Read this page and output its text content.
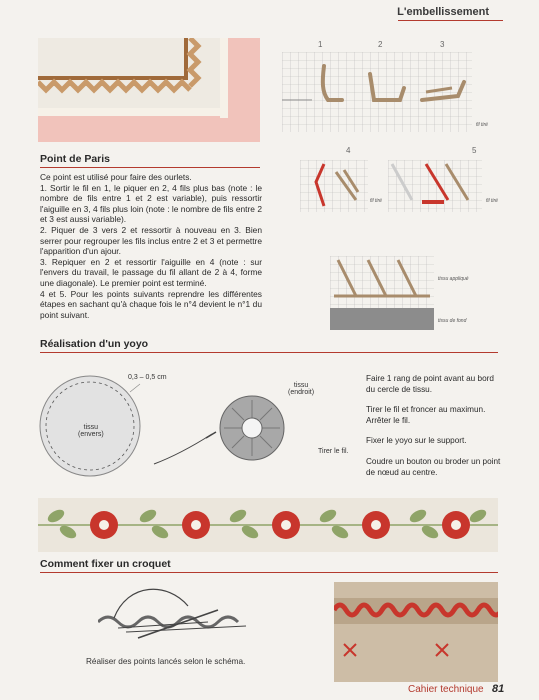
L'embellissement
1	2	3
fil tiré
4	5
fil tiré	fil tiré
tissu appliqué
tissu de fond
Point de Paris

Ce point est utilisé pour faire des ourlets.

1. Sortir le fil en 1, le piquer en 2, 4 fils plus bas (note : le nombre de fils entre 1 et 2 est variable), puis ressortir l'aiguille en 3, 4 fils plus loin (note : le nombre de fils entre 2 et 3 est aussi variable).

2. Piquer de 3 vers 2 et ressortir à nouveau en 3. Bien serrer pour regrouper les fils inclus entre 2 et 3 et permettre l'apparition d'un ajour.

3. Repiquer en 2 et ressortir l'aiguille en 4 (note : sur l'envers du travail, le passage du fil allant de 2 à 4, forme une diagonale). Le premier point est terminé.

4 et 5. Pour les points suivants reprendre les différentes étapes en sachant qu'à chaque fois le n°4 devient le n°1 du point suivant.

Réalisation d'un yoyo
0,3 – 0,5 cm
tissu
(envers)
tissu
(endroit)
Tirer le fil.

Faire 1 rang de point avant au bord du cercle de tissu.

Tirer le fil et froncer au maximun. Arrêter le fil.

Fixer le yoyo sur le support.

Coudre un bouton ou broder un point de nœud au centre.

Comment fixer un croquet
Réaliser des points lancés selon le schéma.
Cahier technique 81
